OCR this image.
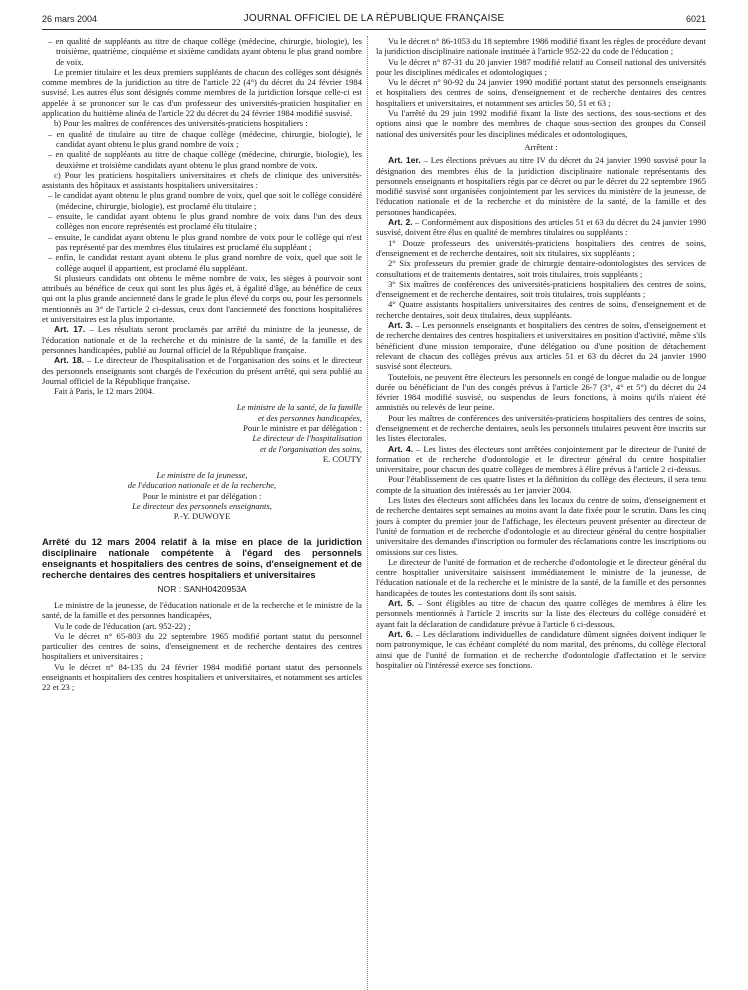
26 mars 2004	JOURNAL OFFICIEL DE LA RÉPUBLIQUE FRANÇAISE	6021

– en qualité de suppléants au titre de chaque collège (médecine, chirurgie, biologie), les troisième, quatrième, cinquième et sixième candidats ayant obtenu le plus grand nombre de voix.

Le premier titulaire et les deux premiers suppléants de chacun des collèges sont désignés comme membres de la juridiction au titre de l'article 22 (4°) du décret du 24 février 1984 susvisé. Les autres élus sont désignés comme membres de la juridiction lorsque celle-ci est appelée à se prononcer sur le cas d'un professeur des universités-praticien hospitalier en application du huitième alinéa de l'article 22 du décret du 24 février 1984 modifié susvisé.

b) Pour les maîtres de conférences des universités-praticiens hospitaliers :

– en qualité de titulaire au titre de chaque collège (médecine, chirurgie, biologie), le candidat ayant obtenu le plus grand nombre de voix ;

– en qualité de suppléants au titre de chaque collège (médecine, chirurgie, biologie), les deuxième et troisième candidats ayant obtenu le plus grand nombre de voix.

c) Pour les praticiens hospitaliers universitaires et chefs de clinique des universités-assistants des hôpitaux et assistants hospitaliers universitaires :

– le candidat ayant obtenu le plus grand nombre de voix, quel que soit le collège considéré (médecine, chirurgie, biologie), est proclamé élu titulaire ;

– ensuite, le candidat ayant obtenu le plus grand nombre de voix dans l'un des deux collèges non encore représentés est proclamé élu titulaire ;

– ensuite, le candidat ayant obtenu le plus grand nombre de voix pour le collège qui n'est pas représenté par des membres élus titulaires est proclamé élu suppléant ;

– enfin, le candidat restant ayant obtenu le plus grand nombre de voix, quel que soit le collège auquel il appartient, est proclamé élu suppléant.

Si plusieurs candidats ont obtenu le même nombre de voix, les sièges à pourvoir sont attribués au bénéfice de ceux qui sont les plus âgés et, à égalité d'âge, au bénéfice de ceux qui ont la plus grande ancienneté dans le grade le plus élevé du corps ou, pour les personnels mentionnés au 3° de l'article 2 ci-dessus, ceux dont l'ancienneté des fonctions hospitalières et universitaires est la plus importante.

Art. 17. – Les résultats seront proclamés par arrêté du ministre de la jeunesse, de l'éducation nationale et de la recherche et du ministre de la santé, de la famille et des personnes handicapées, publié au Journal officiel de la République française.

Art. 18. – Le directeur de l'hospitalisation et de l'organisation des soins et le directeur des personnels enseignants sont chargés de l'exécution du présent arrêté, qui sera publié au Journal officiel de la République française.

Fait à Paris, le 12 mars 2004.

Le ministre de la santé, de la famille

et des personnes handicapées,

Pour le ministre et par délégation :

Le directeur de l'hospitalisation

et de l'organisation des soins,

E. COUTY

Le ministre de la jeunesse,

de l'éducation nationale et de la recherche,

Pour le ministre et par délégation :

Le directeur des personnels enseignants,

P.-Y. DUWOYE

Arrêté du 12 mars 2004 relatif à la mise en place de la juridiction disciplinaire nationale compétente à l'égard des personnels enseignants et hospitaliers des centres de soins, d'enseignement et de recherche dentaires des centres hospitaliers et universitaires

NOR : SANH0420953A

Le ministre de la jeunesse, de l'éducation nationale et de la recherche et le ministre de la santé, de la famille et des personnes handicapées,

Vu le code de l'éducation (art. 952-22) ;

Vu le décret n° 65-803 du 22 septembre 1965 modifié portant statut du personnel particulier des centres de soins, d'enseignement et de recherche dentaires des centres hospitaliers et universitaires ;

Vu le décret n° 84-135 du 24 février 1984 modifié portant statut des personnels enseignants et hospitaliers des centres hospitaliers et universitaires, et notamment ses articles 22 et 23 ;

Vu le décret n° 86-1053 du 18 septembre 1986 modifié fixant les règles de procédure devant la juridiction disciplinaire nationale instituée à l'article 952-22 du code de l'éducation ;

Vu le décret n° 87-31 du 20 janvier 1987 modifié relatif au Conseil national des universités pour les disciplines médicales et odontologiques ;

Vu le décret n° 90-92 du 24 janvier 1990 modifié portant statut des personnels enseignants et hospitaliers des centres de soins, d'enseignement et de recherche dentaires des centres hospitaliers et universitaires, et notamment ses articles 50, 51 et 63 ;

Vu l'arrêté du 29 juin 1992 modifié fixant la liste des sections, des sous-sections et des options ainsi que le nombre des membres de chaque sous-section des groupes du Conseil national des universités pour les disciplines médicales et odontologiques,

Arrêtent :

Art. 1er. – Les élections prévues au titre IV du décret du 24 janvier 1990 susvisé pour la désignation des membres élus de la juridiction disciplinaire nationale représentants des personnels enseignants et hospitaliers régis par ce décret ou par le décret du 22 septembre 1965 modifié susvisé sont organisées conjointement par les services du ministère de la jeunesse, de l'éducation nationale et de la recherche et du ministère de la santé, de la famille et des personnes handicapées.

Art. 2. – Conformément aux dispositions des articles 51 et 63 du décret du 24 janvier 1990 susvisé, doivent être élus en qualité de membres titulaires ou suppléants :

1° Douze professeurs des universités-praticiens hospitaliers des centres de soins, d'enseignement et de recherche dentaires, soit six titulaires, six suppléants ;

2° Six professeurs du premier grade de chirurgie dentaire-odontologistes des services de consultations et de traitements dentaires, soit trois titulaires, trois suppléants ;

3° Six maîtres de conférences des universités-praticiens hospitaliers des centres de soins, d'enseignement et de recherche dentaires, soit trois titulaires, trois suppléants ;

4° Quatre assistants hospitaliers universitaires des centres de soins, d'enseignement et de recherche dentaires, soit deux titulaires, deux suppléants.

Art. 3. – Les personnels enseignants et hospitaliers des centres de soins, d'enseignement et de recherche dentaires des centres hospitaliers et universitaires en position d'activité, même s'ils bénéficient d'une mission temporaire, d'une délégation ou d'une position de détachement relevant de chacun des collèges prévus aux articles 51 et 63 du décret du 24 janvier 1990 susvisé sont électeurs.

Toutefois, ne peuvent être électeurs les personnels en congé de longue maladie ou de longue durée ou bénéficiant de l'un des congés prévus à l'article 26-7 (3°, 4° et 5°) du décret du 24 février 1984 modifié susvisé, ou suspendus de leurs fonctions, à moins qu'ils n'aient été amnistiés ou relevés de leur peine.

Pour les maîtres de conférences des universités-praticiens hospitaliers des centres de soins, d'enseignement et de recherche dentaires, seuls les personnels titulaires peuvent être inscrits sur les listes électorales.

Art. 4. – Les listes des électeurs sont arrêtées conjointement par le directeur de l'unité de formation et de recherche d'odontologie et le directeur général du centre hospitalier universitaire, pour chacun des quatre collèges de membres à élire prévus à l'article 2 ci-dessus.

Pour l'établissement de ces quatre listes et la définition du collège des électeurs, il sera tenu compte de la situation des intéressés au 1er janvier 2004.

Les listes des électeurs sont affichées dans les locaux du centre de soins, d'enseignement et de recherche dentaires sept semaines au moins avant la date fixée pour le scrutin. Dans les cinq jours à compter du premier jour de l'affichage, les électeurs peuvent présenter au directeur de l'unité de formation et de recherche d'odontologie et au directeur général du centre hospitalier universitaire des demandes d'inscription ou formuler des réclamations contre les inscriptions ou omissions sur ces listes.

Le directeur de l'unité de formation et de recherche d'odontologie et le directeur général du centre hospitalier universitaire saisissent immédiatement le ministre de la jeunesse, de l'éducation nationale et de la recherche et le ministre de la santé, de la famille et des personnes handicapées de toutes les contestations dont ils sont saisis.

Art. 5. – Sont éligibles au titre de chacun des quatre collèges de membres à élire les personnels mentionnés à l'article 2 inscrits sur la liste des électeurs du collège considéré et ayant fait la déclaration de candidature prévue à l'article 6 ci-dessous.

Art. 6. – Les déclarations individuelles de candidature dûment signées doivent indiquer le nom patronymique, le cas échéant complété du nom marital, des prénoms, du collège électoral ainsi que de l'unité de formation et de recherche d'odontologie d'affectation et le service hospitalier où l'intéressé exerce ses fonctions.
